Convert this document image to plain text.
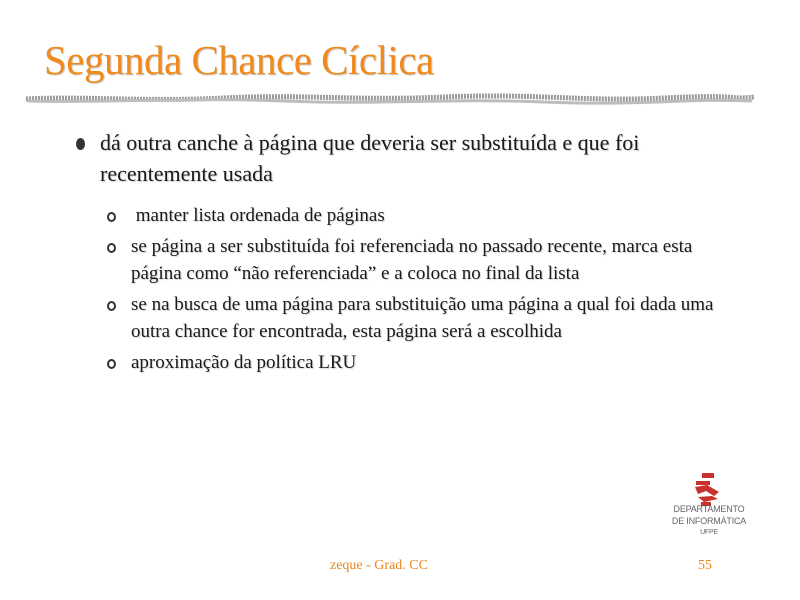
Segunda Chance Cíclica
dá outra canche à página que deveria ser substituída e que foi recentemente usada
manter lista ordenada de páginas
se página a ser substituída foi referenciada no passado recente, marca esta página como “não referenciada” e a coloca no final da lista
se na busca de uma página para substituição uma página a qual foi dada uma outra chance for encontrada, esta página será a escolhida
aproximação da política LRU
DEPARTAMENTO
DE INFORMÁTICA
UFPE
zeque - Grad. CC	55
